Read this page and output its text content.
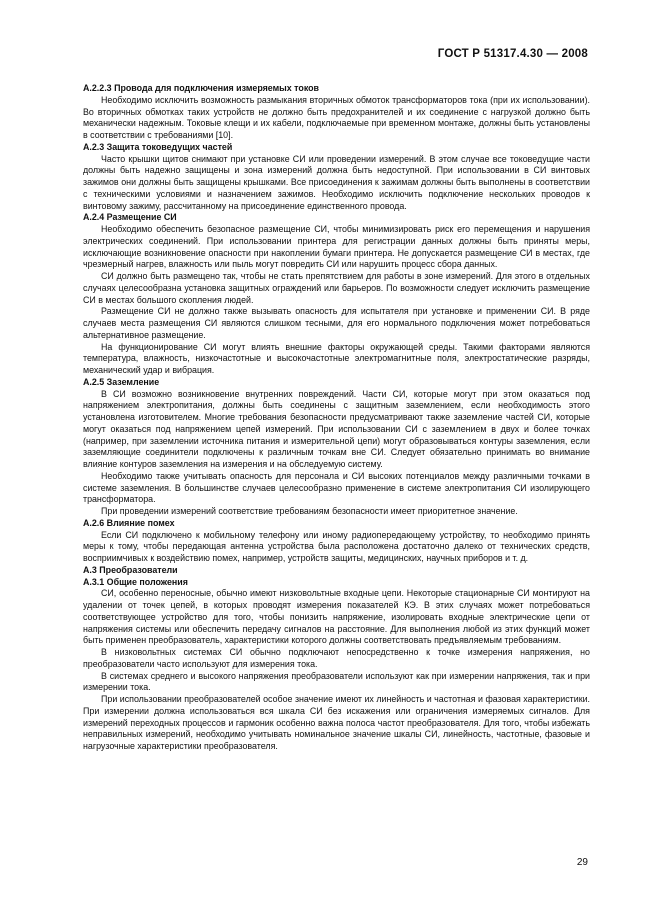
ГОСТ Р 51317.4.30 — 2008

А.2.2.3 Провода для подключения измеряемых токов

Необходимо исключить возможность размыкания вторичных обмоток трансформаторов тока (при их использовании). Во вторичных обмотках таких устройств не должно быть предохранителей и их соединение с нагрузкой должно быть механически надежным. Токовые клещи и их кабели, подключаемые при временном монтаже, должны быть установлены в соответствии с требованиями [10].

А.2.3 Защита токоведущих частей

Часто крышки щитов снимают при установке СИ или проведении измерений. В этом случае все токоведущие части должны быть надежно защищены и зона измерений должна быть недоступной. При использовании в СИ винтовых зажимов они должны быть защищены крышками. Все присоединения к зажимам должны быть выполнены в соответствии с техническими условиями и назначением зажимов. Необходимо исключить подключение нескольких проводов к винтовому зажиму, рассчитанному на присоединение единственного провода.

А.2.4 Размещение СИ

Необходимо обеспечить безопасное размещение СИ, чтобы минимизировать риск его перемещения и нарушения электрических соединений. При использовании принтера для регистрации данных должны быть приняты меры, исключающие возникновение опасности при накоплении бумаги принтера. Не допускается размещение СИ в местах, где чрезмерный нагрев, влажность или пыль могут повредить СИ или нарушить процесс сбора данных.

СИ должно быть размещено так, чтобы не стать препятствием для работы в зоне измерений. Для этого в отдельных случаях целесообразна установка защитных ограждений или барьеров. По возможности следует исключить размещение СИ в местах большого скопления людей.

Размещение СИ не должно также вызывать опасность для испытателя при установке и применении СИ. В ряде случаев места размещения СИ являются слишком тесными, для его нормального подключения может потребоваться альтернативное размещение.

На функционирование СИ могут влиять внешние факторы окружающей среды. Такими факторами являются температура, влажность, низкочастотные и высокочастотные электромагнитные поля, электростатические разряды, механический удар и вибрация.

А.2.5 Заземление

В СИ возможно возникновение внутренних повреждений. Части СИ, которые могут при этом оказаться под напряжением электропитания, должны быть соединены с защитным заземлением, если необходимость этого установлена изготовителем. Многие требования безопасности предусматривают также заземление частей СИ, которые могут оказаться под напряжением цепей измерений. При использовании СИ с заземлением в двух и более точках (например, при заземлении источника питания и измерительной цепи) могут образовываться контуры заземления, если заземляющие соединители подключены к различным точкам вне СИ. Следует обязательно принимать во внимание влияние контуров заземления на измерения и на обследуемую систему.

Необходимо также учитывать опасность для персонала и СИ высоких потенциалов между различными точками в системе заземления. В большинстве случаев целесообразно применение в системе электропитания СИ изолирующего трансформатора.

При проведении измерений соответствие требованиям безопасности имеет приоритетное значение.

А.2.6 Влияние помех

Если СИ подключено к мобильному телефону или иному радиопередающему устройству, то необходимо принять меры к тому, чтобы передающая антенна устройства была расположена достаточно далеко от технических средств, восприимчивых к воздействию помех, например, устройств защиты, медицинских, научных приборов и т. д.

А.3 Преобразователи

А.3.1 Общие положения

СИ, особенно переносные, обычно имеют низковольтные входные цепи. Некоторые стационарные СИ монтируют на удалении от точек цепей, в которых проводят измерения показателей КЭ. В этих случаях может потребоваться соответствующее устройство для того, чтобы понизить напряжение, изолировать входные электрические цепи от напряжения системы или обеспечить передачу сигналов на расстояние. Для выполнения любой из этих функций может быть применен преобразователь, характеристики которого должны соответствовать предъявляемым требованиям.

В низковольтных системах СИ обычно подключают непосредственно к точке измерения напряжения, но преобразователи часто используют для измерения тока.

В системах среднего и высокого напряжения преобразователи используют как при измерении напряжения, так и при измерении тока.

При использовании преобразователей особое значение имеют их линейность и частотная и фазовая характеристики. При измерении должна использоваться вся шкала СИ без искажения или ограничения измеряемых сигналов. Для измерений переходных процессов и гармоник особенно важна полоса частот преобразователя. Для того, чтобы избежать неправильных измерений, необходимо учитывать номинальное значение шкалы СИ, линейность, частотные, фазовые и нагрузочные характеристики преобразователя.

29
